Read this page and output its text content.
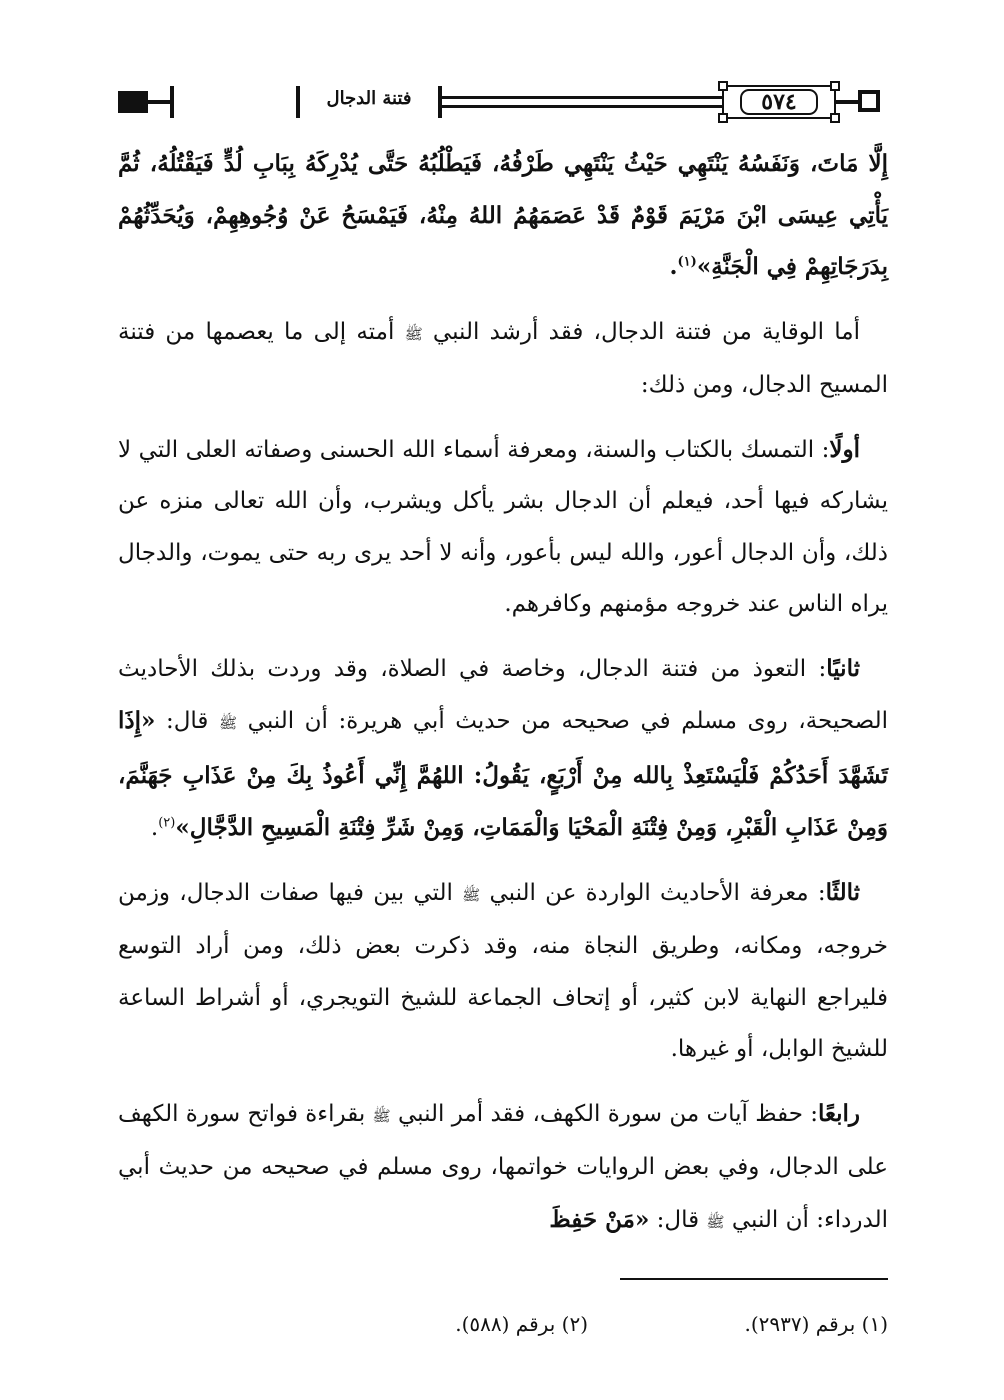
فتنة الدجال	٥٧٤

إِلَّا مَاتَ، وَنَفَسُهُ يَنْتَهِي حَيْثُ يَنْتَهِي طَرْفُهُ، فَيَطْلُبُهُ حَتَّى يُدْرِكَهُ بِبَابِ لُدٍّ فَيَقْتُلُهُ، ثُمَّ يَأْتِي عِيسَى ابْنَ مَرْيَمَ قَوْمٌ قَدْ عَصَمَهُمُ اللهُ مِنْهُ، فَيَمْسَحُ عَنْ وُجُوهِهِمْ، وَيُحَدِّثُهُمْ بِدَرَجَاتِهِمْ فِي الْجَنَّةِ»$^{(١)}$.

أما الوقاية من فتنة الدجال، فقد أرشد النبي ﷺ أمته إلى ما يعصمها من فتنة المسيح الدجال، ومن ذلك:

أولًا: التمسك بالكتاب والسنة، ومعرفة أسماء الله الحسنى وصفاته العلى التي لا يشاركه فيها أحد، فيعلم أن الدجال بشر يأكل ويشرب، وأن الله تعالى منزه عن ذلك، وأن الدجال أعور، والله ليس بأعور، وأنه لا أحد يرى ربه حتى يموت، والدجال يراه الناس عند خروجه مؤمنهم وكافرهم.

ثانيًا: التعوذ من فتنة الدجال، وخاصة في الصلاة، وقد وردت بذلك الأحاديث الصحيحة، روى مسلم في صحيحه من حديث أبي هريرة: أن النبي ﷺ قال: «إِذَا تَشَهَّدَ أَحَدُكُمْ فَلْيَسْتَعِذْ بِالله مِنْ أَرْبَعٍ، يَقُولُ: اللهُمَّ إِنِّي أَعُوذُ بِكَ مِنْ عَذَابِ جَهَنَّمَ، وَمِنْ عَذَابِ الْقَبْرِ، وَمِنْ فِتْنَةِ الْمَحْيَا وَالْمَمَاتِ، وَمِنْ شَرِّ فِتْنَةِ الْمَسِيحِ الدَّجَّالِ»$^{(٢)}$.

ثالثًا: معرفة الأحاديث الواردة عن النبي ﷺ التي بين فيها صفات الدجال، وزمن خروجه، ومكانه، وطريق النجاة منه، وقد ذكرت بعض ذلك، ومن أراد التوسع فليراجع النهاية لابن كثير، أو إتحاف الجماعة للشيخ التويجري، أو أشراط الساعة للشيخ الوابل، أو غيرها.

رابعًا: حفظ آيات من سورة الكهف، فقد أمر النبي ﷺ بقراءة فواتح سورة الكهف على الدجال، وفي بعض الروايات خواتمها، روى مسلم في صحيحه من حديث أبي الدرداء: أن النبي ﷺ قال: «مَنْ حَفِظَ

(١) برقم (٢٩٣٧).
(٢) برقم (٥٨٨).
